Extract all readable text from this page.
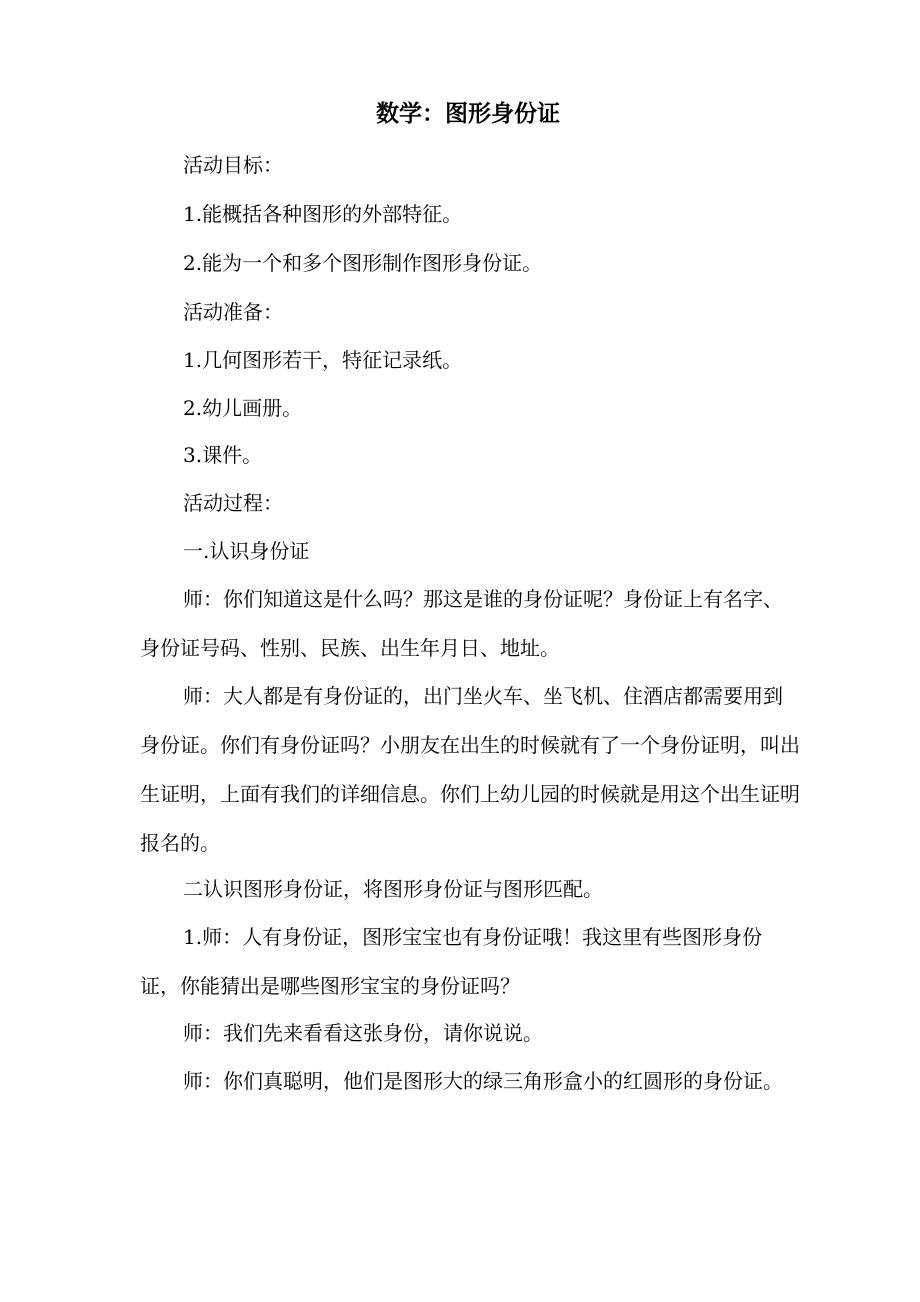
数学：图形身份证

活动目标：

1.能概括各种图形的外部特征。

2.能为一个和多个图形制作图形身份证。

活动准备：

1.几何图形若干，特征记录纸。

2.幼儿画册。

3.课件。

活动过程：

一.认识身份证

师：你们知道这是什么吗？那这是谁的身份证呢？身份证上有名字、身份证号码、性别、民族、出生年月日、地址。

师：大人都是有身份证的，出门坐火车、坐飞机、住酒店都需要用到身份证。你们有身份证吗？小朋友在出生的时候就有了一个身份证明，叫出生证明，上面有我们的详细信息。你们上幼儿园的时候就是用这个出生证明报名的。

二认识图形身份证，将图形身份证与图形匹配。

1.师：人有身份证，图形宝宝也有身份证哦！我这里有些图形身份证，你能猜出是哪些图形宝宝的身份证吗？

师：我们先来看看这张身份，请你说说。

师：你们真聪明，他们是图形大的绿三角形盒小的红圆形的身份证。
